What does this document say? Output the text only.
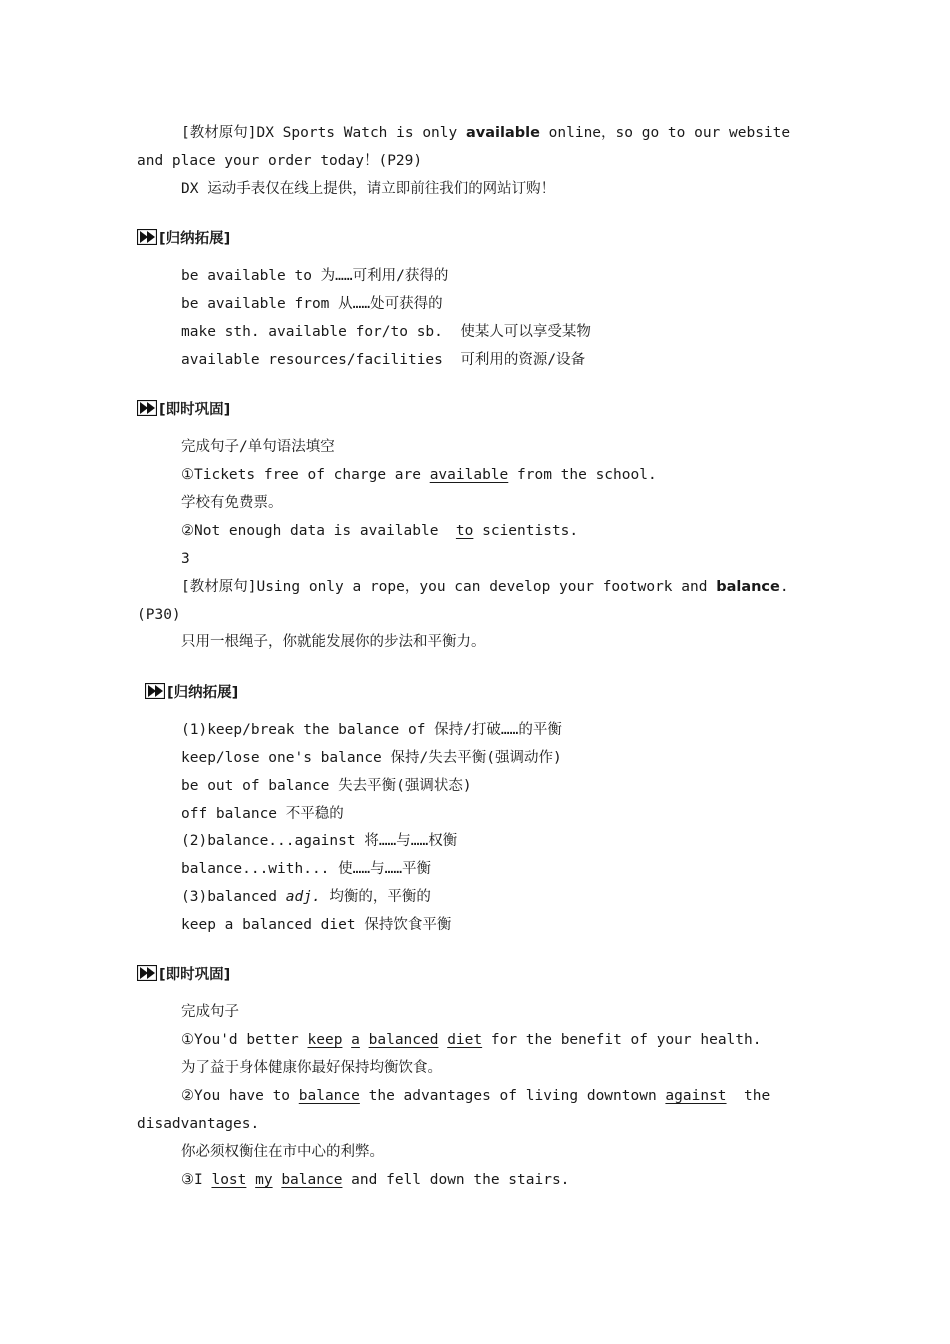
[教材原句]DX Sports Watch is only available online，so go to our website
and place your order today！(P29)
DX 运动手表仅在线上提供，请立即前往我们的网站订购！
[归纳拓展]
be available to 为……可利用/获得的
be available from 从……处可获得的
make sth. available for/to sb.  使某人可以享受某物
available resources/facilities  可利用的资源/设备
[即时巩固]
完成句子/单句语法填空
①Tickets free of charge are available from the school.
学校有免费票。
②Not enough data is available  to scientists.
3
[教材原句]Using only a rope，you can develop your footwork and balance.
(P30)
只用一根绳子，你就能发展你的步法和平衡力。
[归纳拓展]
(1)keep/break the balance of 保持/打破……的平衡
keep/lose one's balance 保持/失去平衡(强调动作)
be out of balance 失去平衡(强调状态)
off balance 不平稳的
(2)balance...against 将……与……权衡
balance...with... 使……与……平衡
(3)balanced adj. 均衡的，平衡的
keep a balanced diet 保持饮食平衡
[即时巩固]
完成句子
①You'd better keep a balanced diet for the benefit of your health.
为了益于身体健康你最好保持均衡饮食。
②You have to balance the advantages of living downtown against  the
disadvantages.
你必须权衡住在市中心的利弊。
③I lost my balance and fell down the stairs.
